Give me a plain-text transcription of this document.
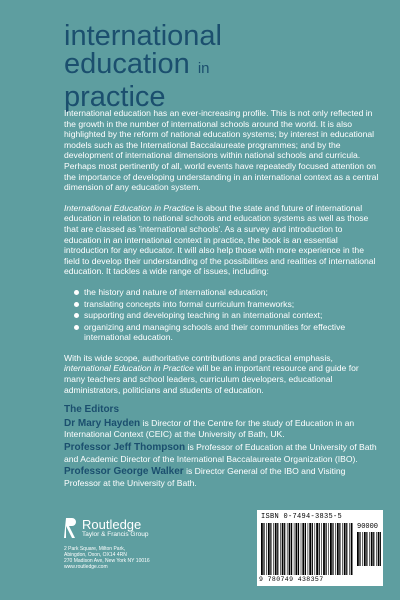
international
education in
practice

International education has an ever-increasing profile. This is not only reflected in the growth in the number of international schools around the world. It is also highlighted by the reform of national education systems; by interest in educational models such as the International Baccalaureate programmes; and by the development of international dimensions within national schools and curricula. Perhaps most pertinently of all, world events have repeatedly focused attention on the importance of developing understanding in an international context as a central dimension of any education system.

International Education in Practice is about the state and future of international education in relation to national schools and education systems as well as those that are classed as 'international schools'. As a survey and introduction to education in an international context in practice, the book is an essential introduction for any educator. It will also help those with more experience in the field to develop their understanding of the possibilities and realities of international education. It tackles a wide range of issues, including:

the history and nature of international education;
translating concepts into formal curriculum frameworks;
supporting and developing teaching in an international context;
organizing and managing schools and their communities for effective international education.

With its wide scope, authoritative contributions and practical emphasis, international Education in Practice will be an important resource and guide for many teachers and school leaders, curriculum developers, educational administrators, politicians and students of education.

The Editors
Dr Mary Hayden is Director of the Centre for the study of Education in an International Context (CEIC) at the University of Bath, UK.
Professor Jeff Thompson is Professor of Education at the University of Bath and Academic Director of the International Baccalaureate Organization (IBO).
Professor George Walker is Director General of the IBO and Visiting Professor at the University of Bath.
Routledge
Taylor & Francis Group
2 Park Square, Milton Park,
Abingdon, Oxon, OX14 4RN
270 Madison Ave, New York NY 10016
www.routledge.com
ISBN 0-7494-3835-5
90000
9 780749 438357
